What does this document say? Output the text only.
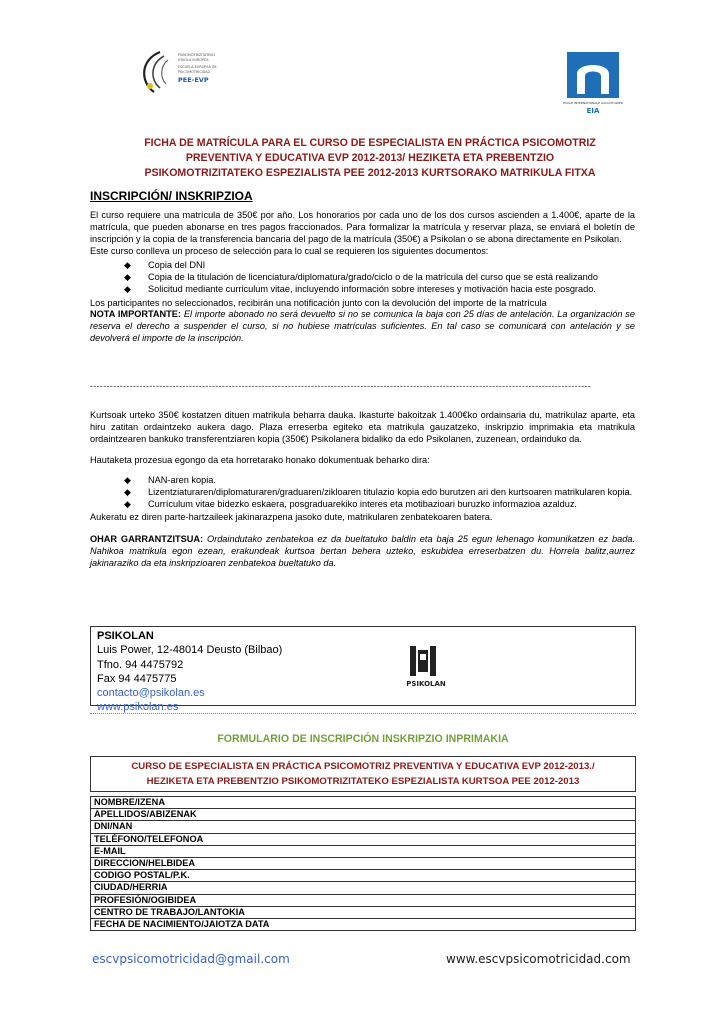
PSIKOMOTRIZITATEKO
ESKOLA EUROPEA
ESCUELA EUROPEA DE
PSICOMOTRICIDAD
PEE-EVP
ÉCOLE INTERNATIONALE AUCOUTURIER
EIA
FICHA DE MATRÍCULA PARA EL CURSO DE ESPECIALISTA EN PRÁCTICA PSICOMOTRIZ
PREVENTIVA Y EDUCATIVA EVP 2012-2013/ HEZIKETA ETA PREBENTZIO
PSIKOMOTRIZITATEKO ESPEZIALISTA PEE 2012-2013 KURTSORAKO MATRIKULA FITXA
INSCRIPCIÓN/ INSKRIPZIOA

El curso requiere una matrícula de 350€ por año. Los honorarios por cada uno de los dos cursos ascienden a 1.400€, aparte de la matrícula, que pueden abonarse en tres pagos fraccionados. Para formalizar la matrícula y reservar plaza, se enviará el boletín de inscripción y la copia de la transferencia bancaria del pago de la matrícula (350€) a Psikolan o se abona directamente en Psikolan.

Este curso conlleva un proceso de selección para lo cual se requieren los siguientes documentos:

◆ Copia del DNI
◆ Copia de la titulación de licenciatura/diplomatura/grado/ciclo o de la matrícula del curso que se está realizando
◆ Solicitud mediante curriculum vitae, incluyendo información sobre intereses y motivación hacia este posgrado.

Los participantes no seleccionados, recibirán una notificación junto con la devolución del importe de la matrícula

NOTA IMPORTANTE: El importe abonado no será devuelto si no se comunica la baja con 25 días de antelación. La organización se reserva el derecho a suspender el curso, si no hubiese matrículas suficientes. En tal caso se comunicará con antelación y se devolverá el importe de la inscripción.

--------------------------------------------------------------------------------------------------------------------------------------------------------

Kurtsoak urteko 350€ kostatzen dituen matrikula beharra dauka. Ikasturte bakoitzak 1.400€ko ordainsaria du, matrikulaz aparte, eta hiru zatitan ordaintzeko aukera dago. Plaza erreserba egiteko eta matrikula gauzatzeko, inskripzio imprimakia eta matrikula ordaintzearen bankuko transferentziaren kopia (350€) Psikolanera bidaliko da edo Psikolanen, zuzenean, ordainduko da.

Hautaketa prozesua egongo da eta horretarako honako dokumentuak beharko dira:

◆ NAN-aren kopia.
◆ Lizentziaturaren/diplomaturaren/graduaren/zikloaren titulazio kopia edo burutzen ari den kurtsoaren matrikularen kopia.
◆ Currículum vitae bidezko eskaera, posgraduarekiko interes eta motibazioari buruzko informazioa azalduz.

Aukeratu ez diren parte-hartzaileek jakinarazpena jasoko dute, matrikularen zenbatekoaren batera.

OHAR GARRANTZITSUA: Ordaindutako zenbatekoa ez da bueltatuko baldin eta baja 25 egun lehenago komunikatzen ez bada. Nahikoa matrikula egon ezean, erakundeak kurtsoa bertan behera uzteko, eskubidea erreserbatzen du. Horrela balitz,aurrez jakinaraziko da eta inskripzioaren zenbatekoa bueltatuko da.

PSIKOLAN
Luis Power, 12-48014 Deusto (Bilbao)
Tfno. 94 4475792
Fax 94 4475775
contacto@psikolan.es
www.psikolan.es
PSIKOLAN
FORMULARIO DE INSCRIPCIÓN INSKRIPZIO INPRIMAKIA
CURSO DE ESPECIALISTA EN PRÁCTICA PSICOMOTRIZ PREVENTIVA Y EDUCATIVA EVP 2012-2013./
HEZIKETA ETA PREBENTZIO PSIKOMOTRIZITATEKO ESPEZIALISTA KURTSOA PEE 2012-2013
NOMBRE/IZENA
APELLIDOS/ABIZENAK
DNI/NAN
TELÉFONO/TELEFONOA
E-MAIL
DIRECCION/HELBIDEA
CODIGO POSTAL/P.K.
CIUDAD/HERRIA
PROFESIÓN/OGIBIDEA
CENTRO DE TRABAJO/LANTOKIA
FECHA DE NACIMIENTO/JAIOTZA DATA
escvpsicomotricidad@gmail.com	www.escvpsicomotricidad.com
